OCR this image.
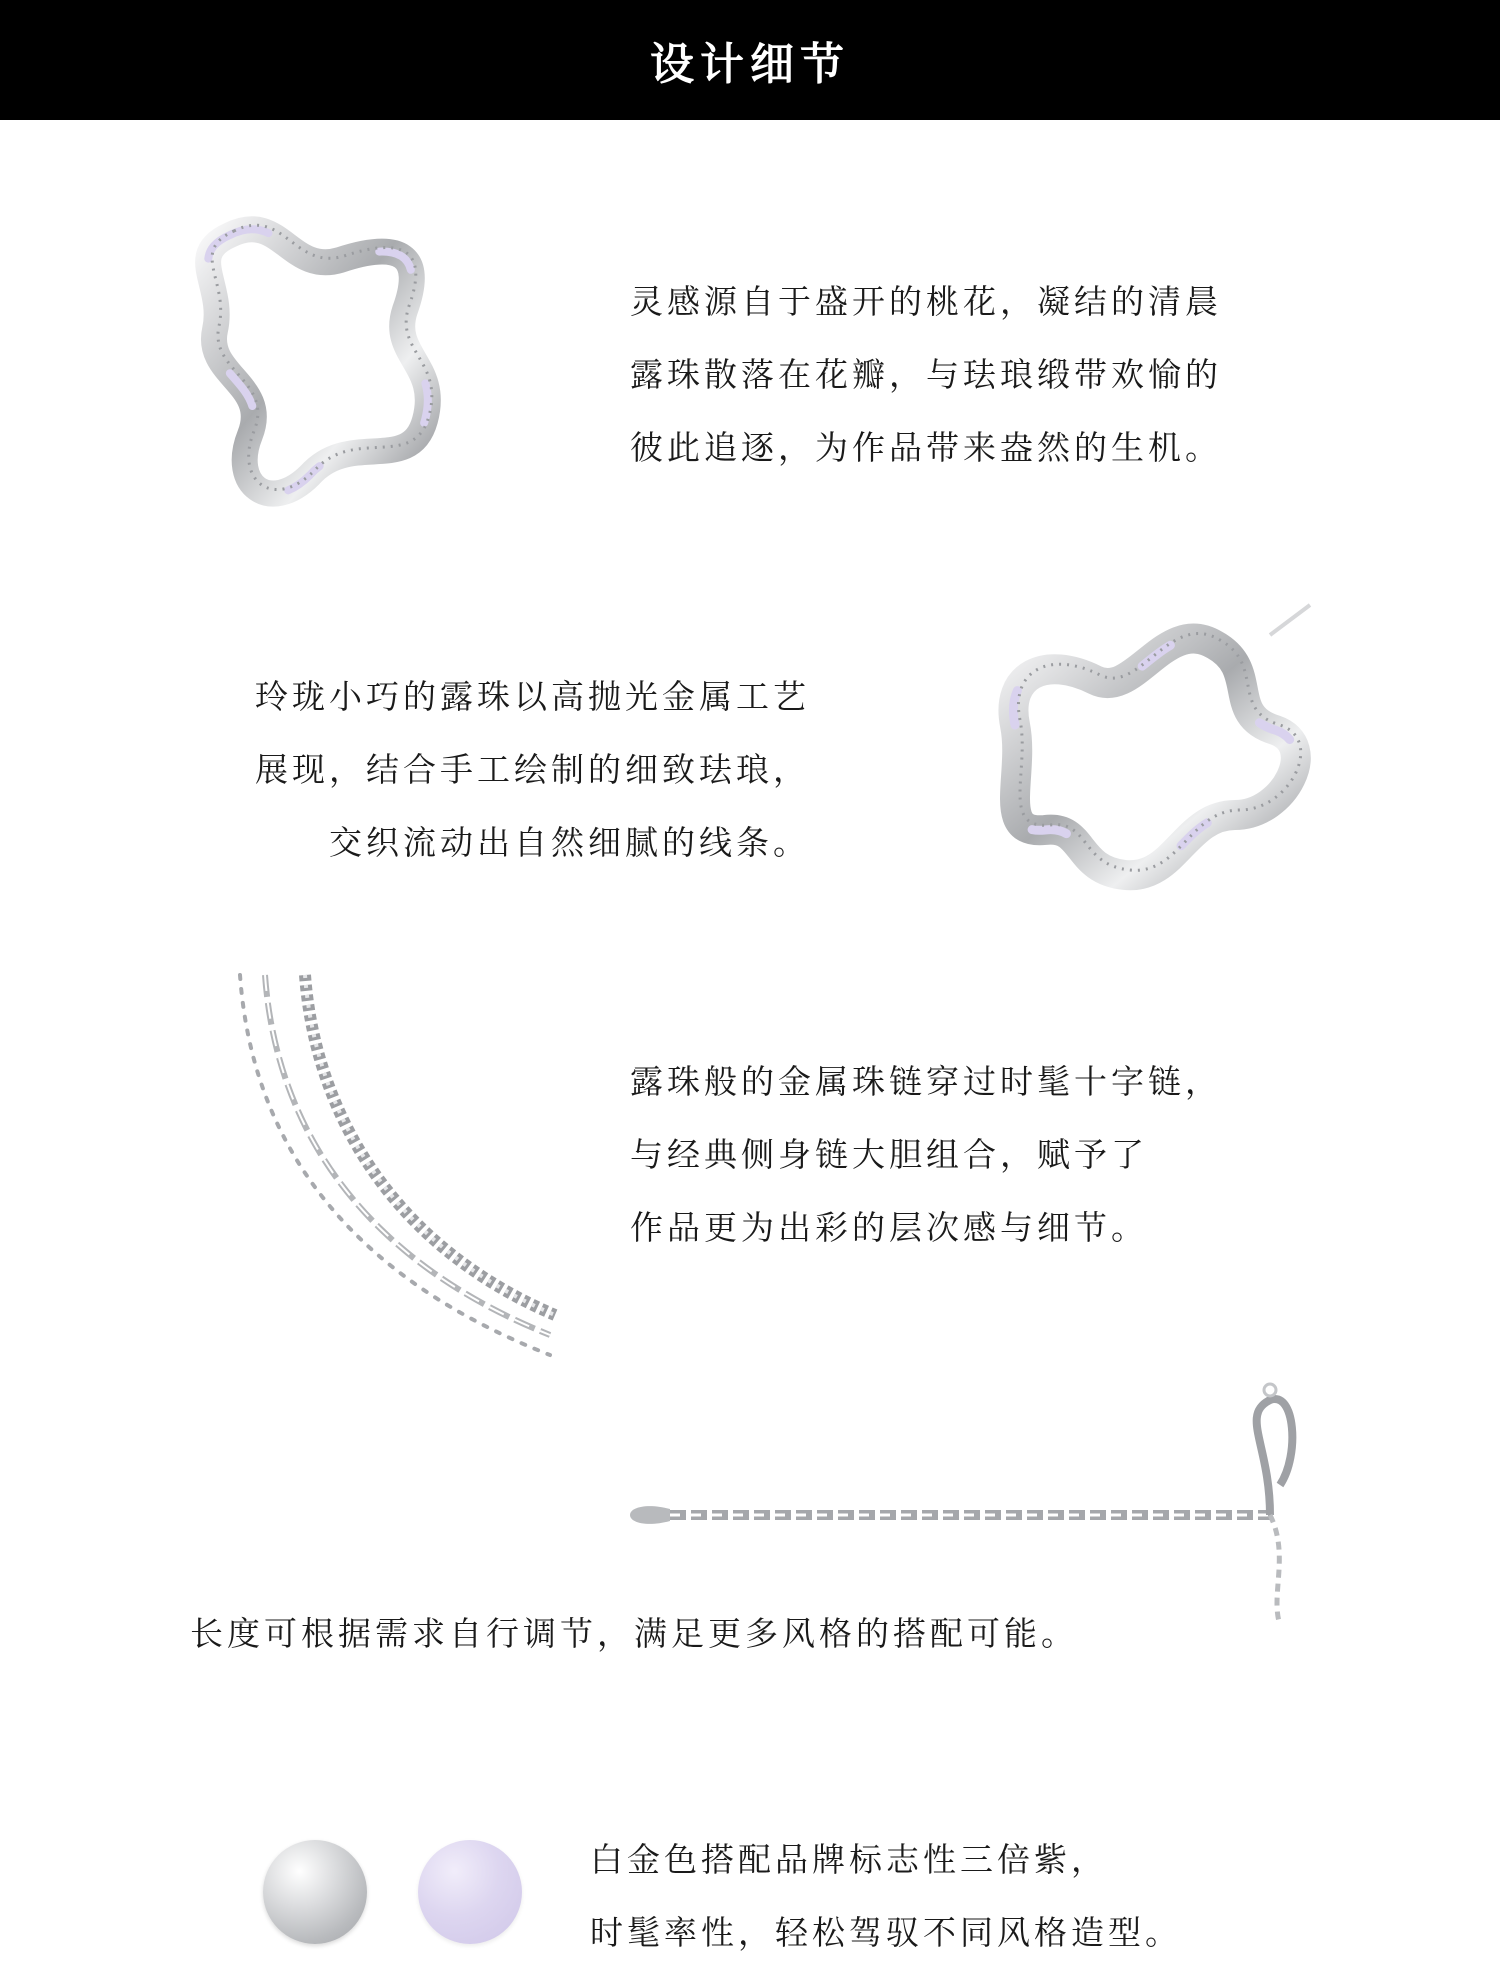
设计细节
灵感源自于盛开的桃花，凝结的清晨
露珠散落在花瓣，与珐琅缎带欢愉的
彼此追逐，为作品带来盎然的生机。
玲珑小巧的露珠以高抛光金属工艺
展现，结合手工绘制的细致珐琅，
交织流动出自然细腻的线条。
露珠般的金属珠链穿过时髦十字链，
与经典侧身链大胆组合，赋予了
作品更为出彩的层次感与细节。
长度可根据需求自行调节，满足更多风格的搭配可能。
白金色搭配品牌标志性三倍紫，
时髦率性，轻松驾驭不同风格造型。
